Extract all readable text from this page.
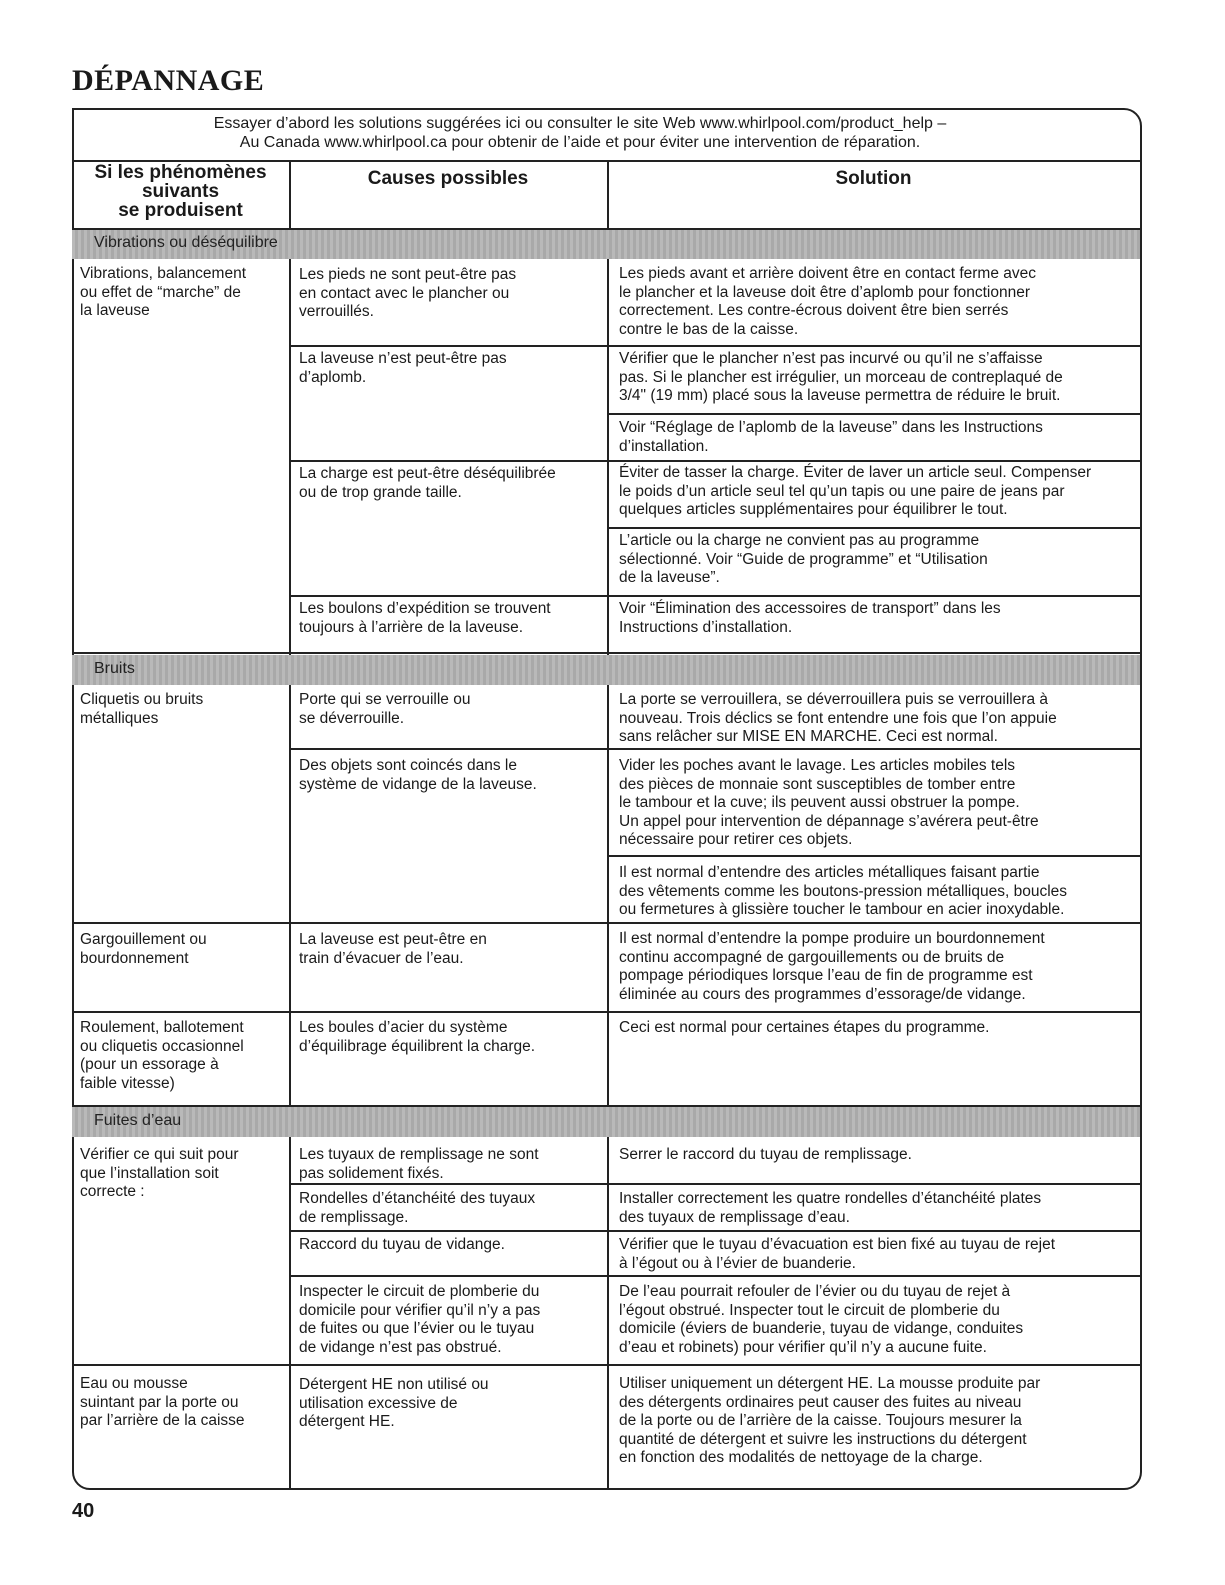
DÉPANNAGE
Essayer d’abord les solutions suggérées ici ou consulter le site Web www.whirlpool.com/product_help –
Au Canada www.whirlpool.ca pour obtenir de l’aide et pour éviter une intervention de réparation.
Si les phénomènes
suivants
se produisent
Causes possibles	Solution
Vibrations ou déséquilibre
Bruits
Fuites d’eau
Vibrations, balancement
ou effet de “marche” de
la laveuse
Les pieds ne sont peut-être pas
en contact avec le plancher ou
verrouillés.
La laveuse n’est peut-être pas
d’aplomb.
La charge est peut-être déséquilibrée
ou de trop grande taille.
Les boulons d’expédition se trouvent
toujours à l’arrière de la laveuse.
Les pieds avant et arrière doivent être en contact ferme avec
le plancher et la laveuse doit être d’aplomb pour fonctionner
correctement. Les contre-écrous doivent être bien serrés
contre le bas de la caisse.
Vérifier que le plancher n’est pas incurvé ou qu’il ne s’affaisse
pas. Si le plancher est irrégulier, un morceau de contreplaqué de
3/4" (19 mm) placé sous la laveuse permettra de réduire le bruit.
Voir “Réglage de l’aplomb de la laveuse” dans les Instructions
d’installation.
Éviter de tasser la charge. Éviter de laver un article seul. Compenser
le poids d’un article seul tel qu’un tapis ou une paire de jeans par
quelques articles supplémentaires pour équilibrer le tout.
L’article ou la charge ne convient pas au programme
sélectionné. Voir “Guide de programme” et “Utilisation
de la laveuse”.
Voir “Élimination des accessoires de transport” dans les
Instructions d’installation.
Cliquetis ou bruits
métalliques
Gargouillement ou
bourdonnement
Roulement, ballotement
ou cliquetis occasionnel
(pour un essorage à
faible vitesse)
Porte qui se verrouille ou
se déverrouille.
Des objets sont coincés dans le
système de vidange de la laveuse.
La laveuse est peut-être en
train d’évacuer de l’eau.
Les boules d’acier du système
d’équilibrage équilibrent la charge.
La porte se verrouillera, se déverrouillera puis se verrouillera à
nouveau. Trois déclics se font entendre une fois que l’on appuie
sans relâcher sur MISE EN MARCHE. Ceci est normal.
Vider les poches avant le lavage. Les articles mobiles tels
des pièces de monnaie sont susceptibles de tomber entre
le tambour et la cuve; ils peuvent aussi obstruer la pompe.
Un appel pour intervention de dépannage s’avérera peut-être
nécessaire pour retirer ces objets.
Il est normal d’entendre des articles métalliques faisant partie
des vêtements comme les boutons-pression métalliques, boucles
ou fermetures à glissière toucher le tambour en acier inoxydable.
Il est normal d’entendre la pompe produire un bourdonnement
continu accompagné de gargouillements ou de bruits de
pompage périodiques lorsque l’eau de fin de programme est
éliminée au cours des programmes d’essorage/de vidange.
Ceci est normal pour certaines étapes du programme.
Vérifier ce qui suit pour
que l’installation soit
correcte :
Eau ou mousse
suintant par la porte ou
par l’arrière de la caisse
Les tuyaux de remplissage ne sont
pas solidement fixés.
Rondelles d’étanchéité des tuyaux
de remplissage.
Raccord du tuyau de vidange.
Inspecter le circuit de plomberie du
domicile pour vérifier qu’il n’y a pas
de fuites ou que l’évier ou le tuyau
de vidange n’est pas obstrué.
Détergent HE non utilisé ou
utilisation excessive de
détergent HE.
Serrer le raccord du tuyau de remplissage.
Installer correctement les quatre rondelles d’étanchéité plates
des tuyaux de remplissage d’eau.
Vérifier que le tuyau d’évacuation est bien fixé au tuyau de rejet
à l’égout ou à l’évier de buanderie.
De l’eau pourrait refouler de l’évier ou du tuyau de rejet à
l’égout obstrué. Inspecter tout le circuit de plomberie du
domicile (éviers de buanderie, tuyau de vidange, conduites
d’eau et robinets) pour vérifier qu’il n’y a aucune fuite.
Utiliser uniquement un détergent HE. La mousse produite par
des détergents ordinaires peut causer des fuites au niveau
de la porte ou de l’arrière de la caisse. Toujours mesurer la
quantité de détergent et suivre les instructions du détergent
en fonction des modalités de nettoyage de la charge.
40
